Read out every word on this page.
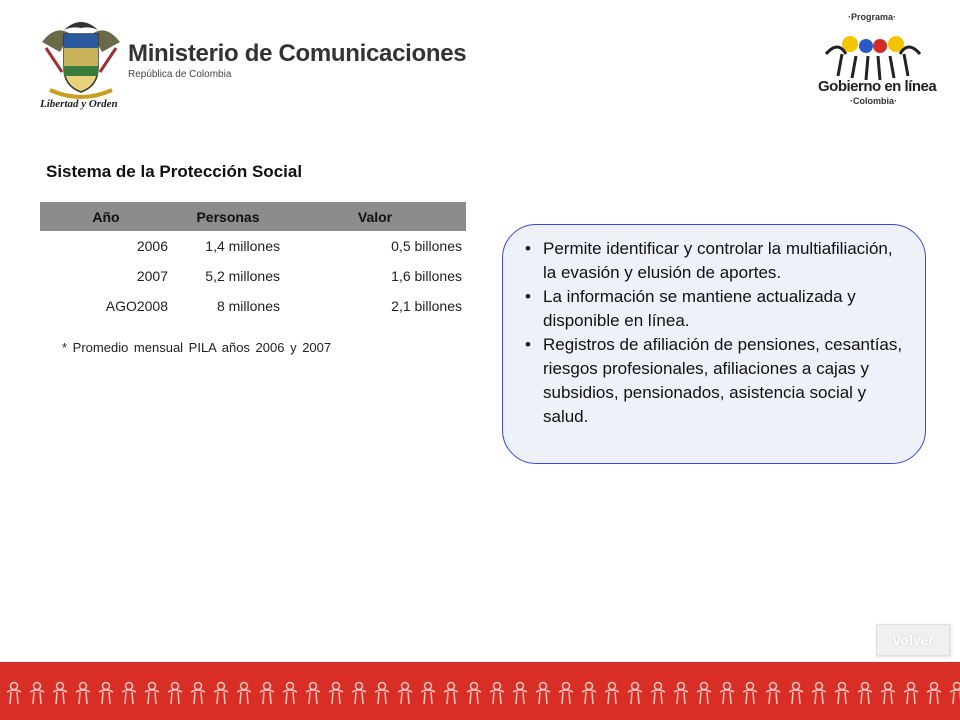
Libertad y Orden
Ministerio de Comunicaciones
República de Colombia
·Programa·
Gobierno en línea
·Colombia·
Sistema de la Protección Social
Año	Personas	Valor
2006	1,4 millones	0,5 billones
2007	5,2 millones	1,6 billones
AGO2008	8 millones	2,1 billones
* Promedio mensual PILA años 2006 y 2007
• Permite identificar y controlar la multiafiliación, la evasión y elusión de aportes.
• La información se mantiene actualizada y disponible en línea.
• Registros de afiliación de pensiones, cesantías, riesgos profesionales, afiliaciones a cajas y subsidios, pensionados, asistencia social y salud.
Volver
